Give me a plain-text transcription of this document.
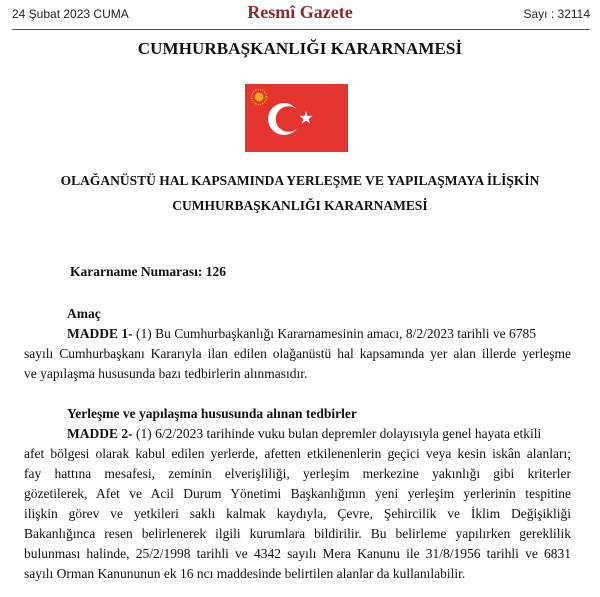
24 Şubat 2023 CUMA	Resmî Gazete	Sayı : 32114
CUMHURBAŞKANLIĞI KARARNAMESİ
OLAĞANÜSTÜ HAL KAPSAMINDA YERLEŞME VE YAPILAŞMAYA İLİŞKİN
CUMHURBAŞKANLIĞI KARARNAMESİ
Kararname Numarası: 126
Amaç
MADDE 1- (1) Bu Cumhurbaşkanlığı Kararnamesinin amacı, 8/2/2023 tarihli ve 6785
sayılı Cumhurbaşkanı Kararıyla ilan edilen olağanüstü hal kapsamında yer alan illerde yerleşme
ve yapılaşma hususunda bazı tedbirlerin alınmasıdır.
Yerleşme ve yapılaşma hususunda alınan tedbirler
MADDE 2- (1) 6/2/2023 tarihinde vuku bulan depremler dolayısıyla genel hayata etkili
afet bölgesi olarak kabul edilen yerlerde, afetten etkilenenlerin geçici veya kesin iskân alanları;
fay hattına mesafesi, zeminin elverişliliği, yerleşim merkezine yakınlığı gibi kriterler
gözetilerek, Afet ve Acil Durum Yönetimi Başkanlığının yeni yerleşim yerlerinin tespitine
ilişkin görev ve yetkileri saklı kalmak kaydıyla, Çevre, Şehircilik ve İklim Değişikliği
Bakanlığınca resen belirlenerek ilgili kurumlara bildirilir. Bu belirleme yapılırken gereklilik
bulunması halinde, 25/2/1998 tarihli ve 4342 sayılı Mera Kanunu ile 31/8/1956 tarihli ve 6831
sayılı Orman Kanununun ek 16 ncı maddesinde belirtilen alanlar da kullanılabilir.
